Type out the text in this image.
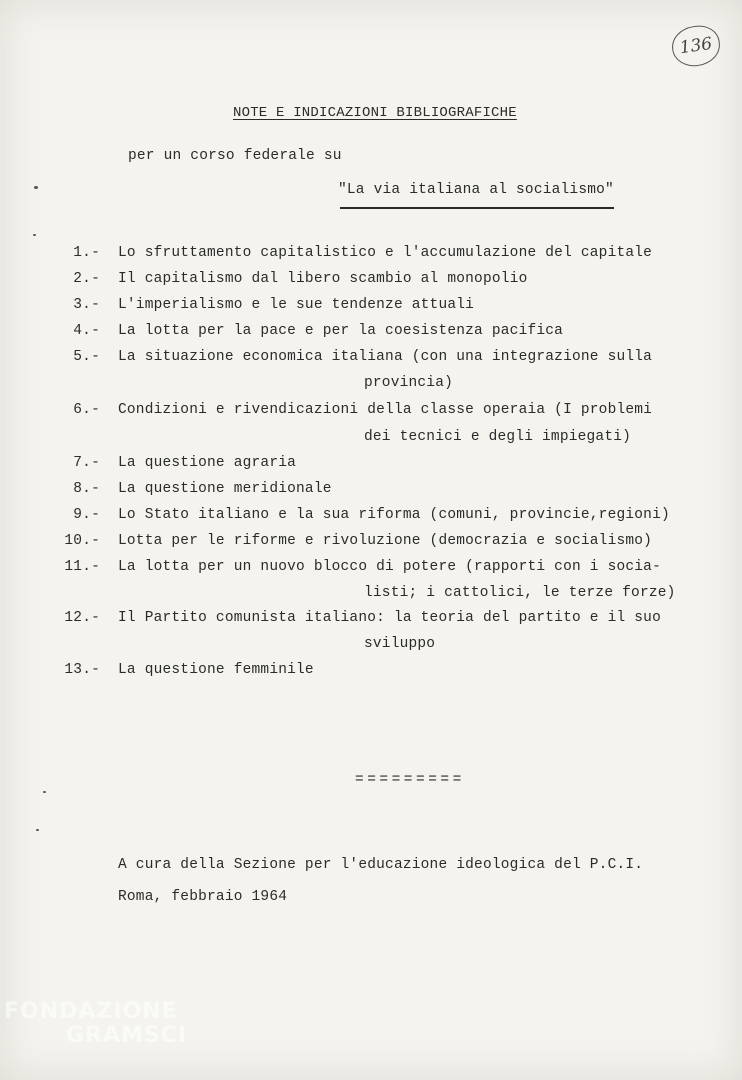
136
NOTE E INDICAZIONI BIBLIOGRAFICHE
per un corso federale su
"La via italiana al socialismo"
1.- Lo sfruttamento capitalistico e l'accumulazione del capitale
2.- Il capitalismo dal libero scambio al monopolio
3.- L'imperialismo e le sue tendenze attuali
4.- La lotta per la pace e per la coesistenza pacifica
5.- La situazione economica italiana (con una integrazione sulla
provincia)
6.- Condizioni e rivendicazioni della classe operaia (I problemi
dei tecnici e degli impiegati)
7.- La questione agraria
8.- La questione meridionale
9.- Lo Stato italiano e la sua riforma (comuni, provincie,regioni)
10.- Lotta per le riforme e rivoluzione (democrazia e socialismo)
11.- La lotta per un nuovo blocco di potere (rapporti con i socia-
listi; i cattolici, le terze forze)
12.- Il Partito comunista italiano: la teoria del partito e il suo
sviluppo
13.- La questione femminile
=========
A cura della Sezione per l'educazione ideologica del P.C.I.
Roma, febbraio 1964
FONDAZIONE
GRAMSCI
